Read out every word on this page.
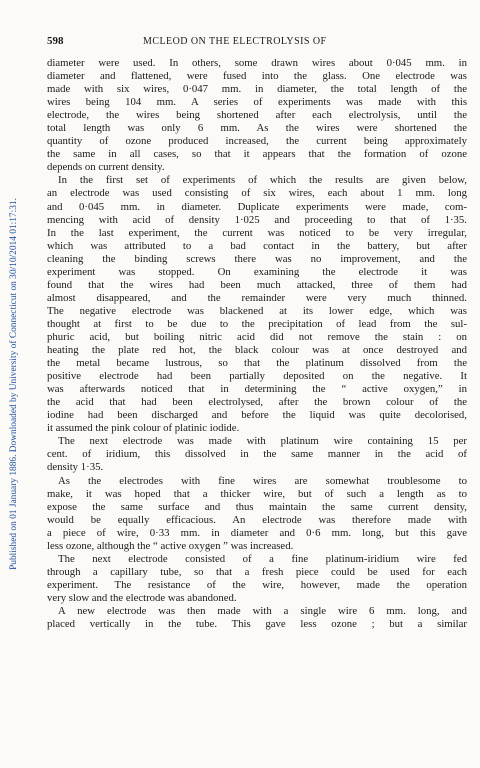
Published on 01 January 1886. Downloaded by University of Connecticut on 30/10/2014 01:17:31.
598	MCLEOD ON THE ELECTROLYSIS OF
diameter were used. In others, some drawn wires about 0·045 mm. in
diameter and flattened, were fused into the glass. One electrode was
made with six wires, 0·047 mm. in diameter, the total length of the
wires being 104 mm. A series of experiments was made with this
electrode, the wires being shortened after each electrolysis, until the
total length was only 6 mm. As the wires were shortened the
quantity of ozone produced increased, the current being approximately
the same in all cases, so that it appears that the formation of ozone
depends on current density.
In the first set of experiments of which the results are given below,
an electrode was used consisting of six wires, each about 1 mm. long
and 0·045 mm. in diameter. Duplicate experiments were made, com-
mencing with acid of density 1·025 and proceeding to that of 1·35.
In the last experiment, the current was noticed to be very irregular,
which was attributed to a bad contact in the battery, but after
cleaning the binding screws there was no improvement, and the
experiment was stopped. On examining the electrode it was
found that the wires had been much attacked, three of them had
almost disappeared, and the remainder were very much thinned.
The negative electrode was blackened at its lower edge, which was
thought at first to be due to the precipitation of lead from the sul-
phuric acid, but boiling nitric acid did not remove the stain : on
heating the plate red hot, the black colour was at once destroyed and
the metal became lustrous, so that the platinum dissolved from the
positive electrode had been partially deposited on the negative. It
was afterwards noticed that in determining the “ active oxygen,” in
the acid that had been electrolysed, after the brown colour of the
iodine had been discharged and before the liquid was quite decolorised,
it assumed the pink colour of platinic iodide.
The next electrode was made with platinum wire containing 15 per
cent. of iridium, this dissolved in the same manner in the acid of
density 1·35.
As the electrodes with fine wires are somewhat troublesome to
make, it was hoped that a thicker wire, but of such a length as to
expose the same surface and thus maintain the same current density,
would be equally efficacious. An electrode was therefore made with
a piece of wire, 0·33 mm. in diameter and 0·6 mm. long, but this gave
less ozone, although the “ active oxygen ” was increased.
The next electrode consisted of a fine platinum-iridium wire fed
through a capillary tube, so that a fresh piece could be used for each
experiment. The resistance of the wire, however, made the operation
very slow and the electrode was abandoned.
A new electrode was then made with a single wire 6 mm. long, and
placed vertically in the tube. This gave less ozone ; but a similar
